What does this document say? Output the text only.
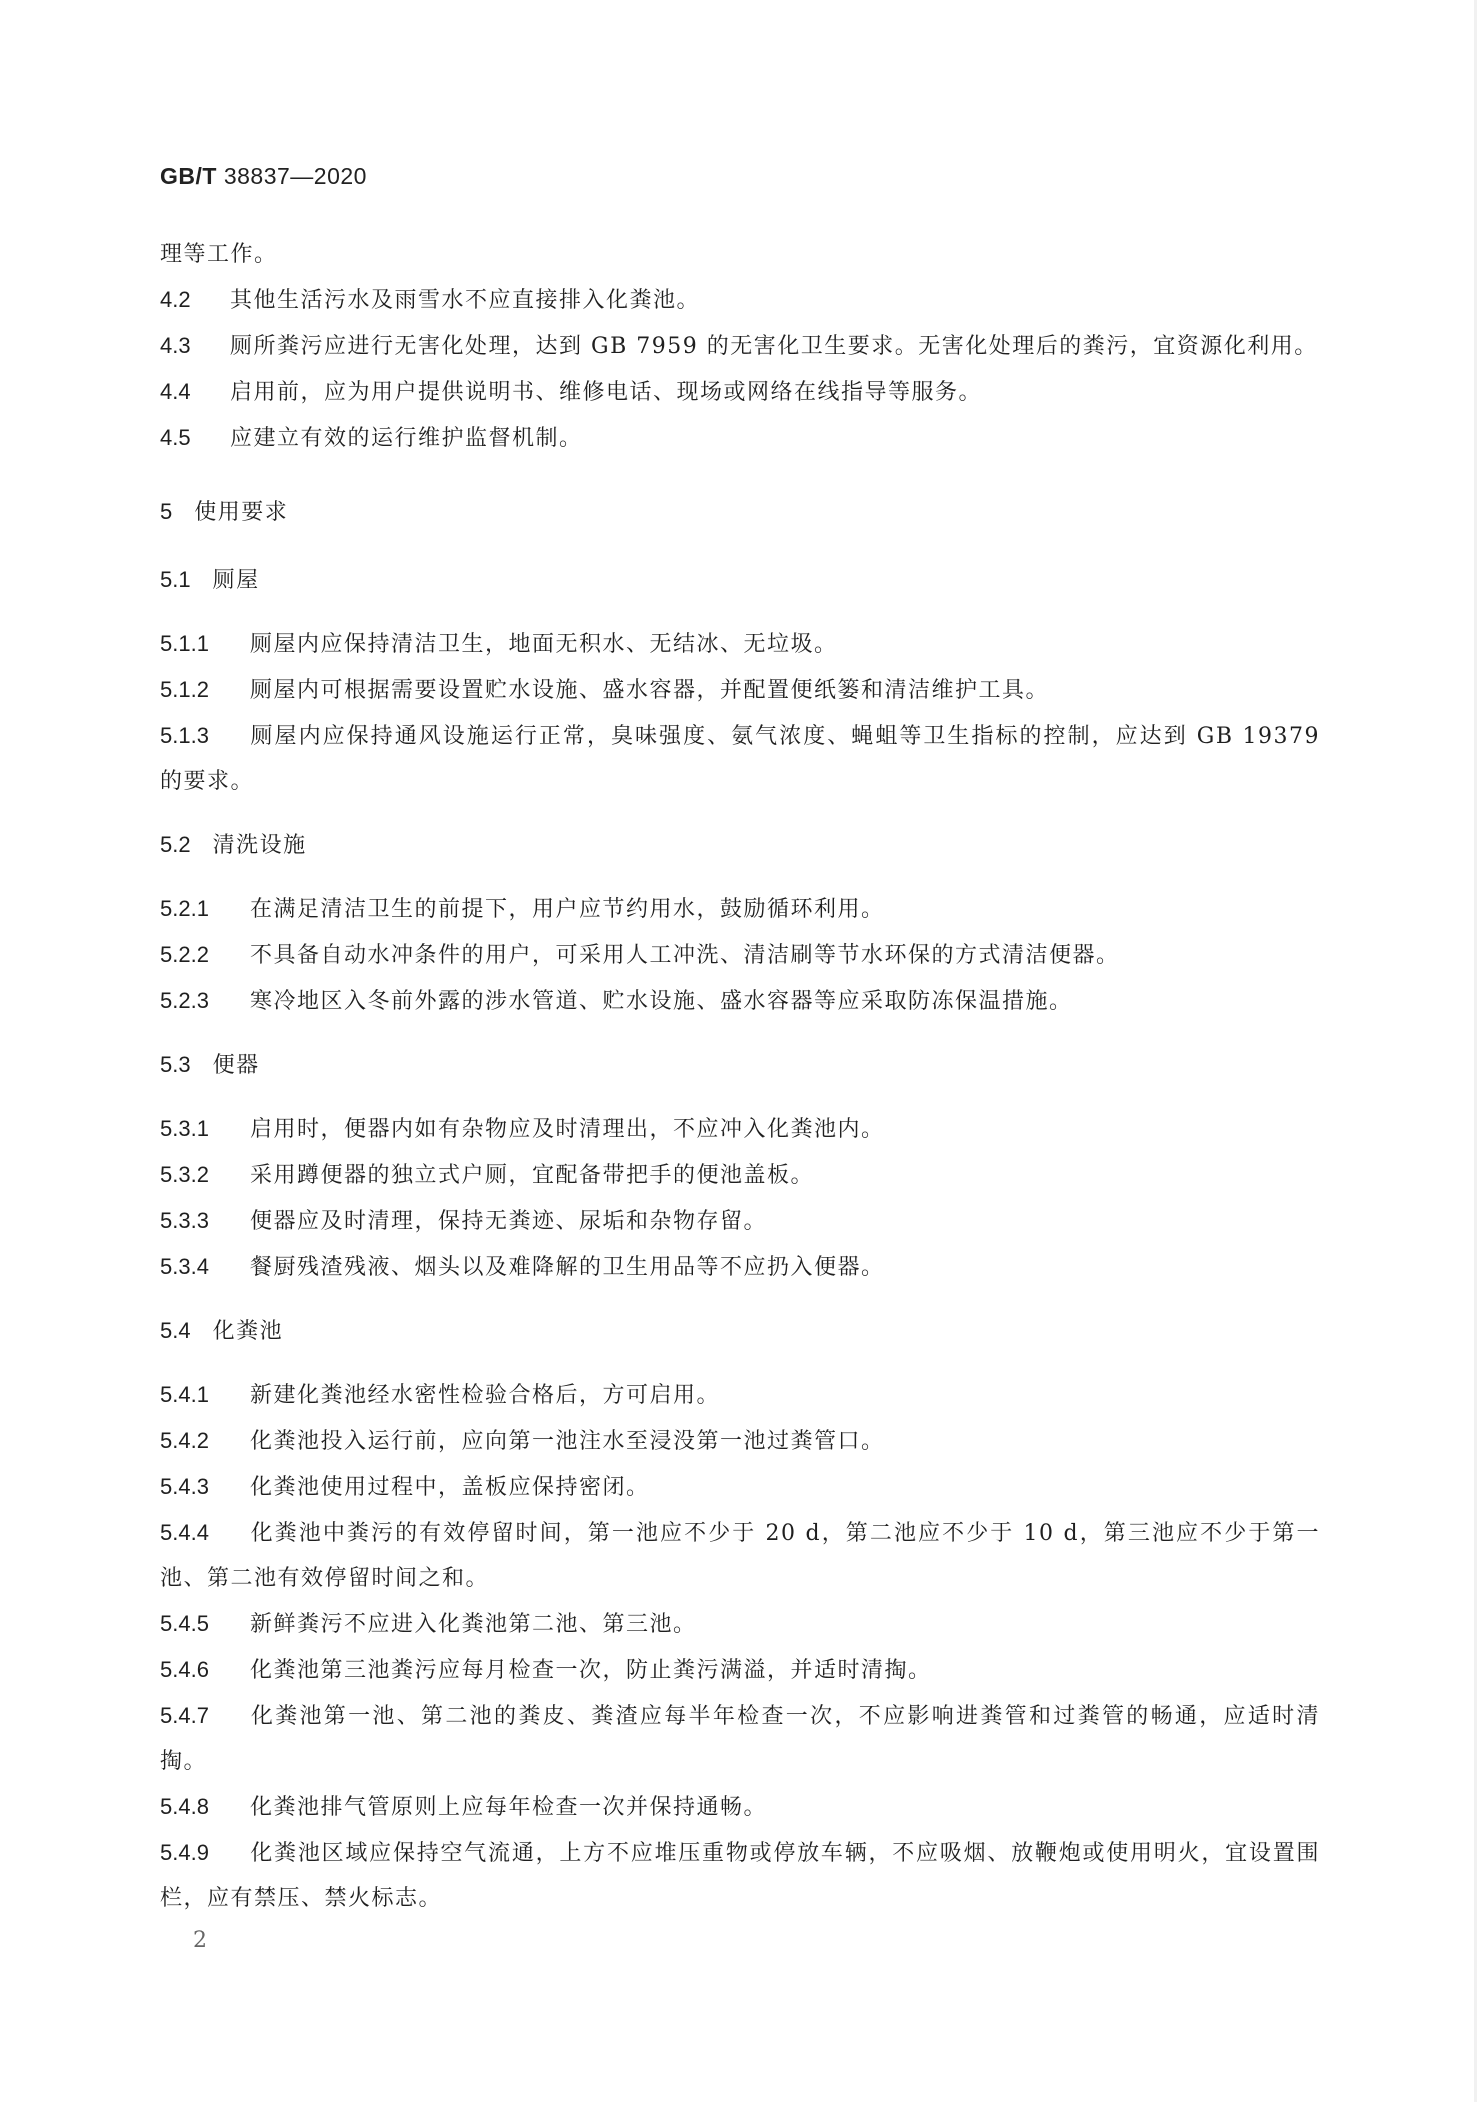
GB/T 38837—2020

理等工作。

4.2 其他生活污水及雨雪水不应直接排入化粪池。

4.3 厕所粪污应进行无害化处理，达到 GB 7959 的无害化卫生要求。无害化处理后的粪污，宜资源化利用。

4.4 启用前，应为用户提供说明书、维修电话、现场或网络在线指导等服务。

4.5 应建立有效的运行维护监督机制。

5 使用要求

5.1 厕屋

5.1.1 厕屋内应保持清洁卫生，地面无积水、无结冰、无垃圾。

5.1.2 厕屋内可根据需要设置贮水设施、盛水容器，并配置便纸篓和清洁维护工具。

5.1.3 厕屋内应保持通风设施运行正常，臭味强度、氨气浓度、蝇蛆等卫生指标的控制，应达到 GB 19379 的要求。

5.2 清洗设施

5.2.1 在满足清洁卫生的前提下，用户应节约用水，鼓励循环利用。

5.2.2 不具备自动水冲条件的用户，可采用人工冲洗、清洁刷等节水环保的方式清洁便器。

5.2.3 寒冷地区入冬前外露的涉水管道、贮水设施、盛水容器等应采取防冻保温措施。

5.3 便器

5.3.1 启用时，便器内如有杂物应及时清理出，不应冲入化粪池内。

5.3.2 采用蹲便器的独立式户厕，宜配备带把手的便池盖板。

5.3.3 便器应及时清理，保持无粪迹、尿垢和杂物存留。

5.3.4 餐厨残渣残液、烟头以及难降解的卫生用品等不应扔入便器。

5.4 化粪池

5.4.1 新建化粪池经水密性检验合格后，方可启用。

5.4.2 化粪池投入运行前，应向第一池注水至浸没第一池过粪管口。

5.4.3 化粪池使用过程中，盖板应保持密闭。

5.4.4 化粪池中粪污的有效停留时间，第一池应不少于 20 d，第二池应不少于 10 d，第三池应不少于第一池、第二池有效停留时间之和。

5.4.5 新鲜粪污不应进入化粪池第二池、第三池。

5.4.6 化粪池第三池粪污应每月检查一次，防止粪污满溢，并适时清掏。

5.4.7 化粪池第一池、第二池的粪皮、粪渣应每半年检查一次，不应影响进粪管和过粪管的畅通，应适时清掏。

5.4.8 化粪池排气管原则上应每年检查一次并保持通畅。

5.4.9 化粪池区域应保持空气流通，上方不应堆压重物或停放车辆，不应吸烟、放鞭炮或使用明火，宜设置围栏，应有禁压、禁火标志。

2
